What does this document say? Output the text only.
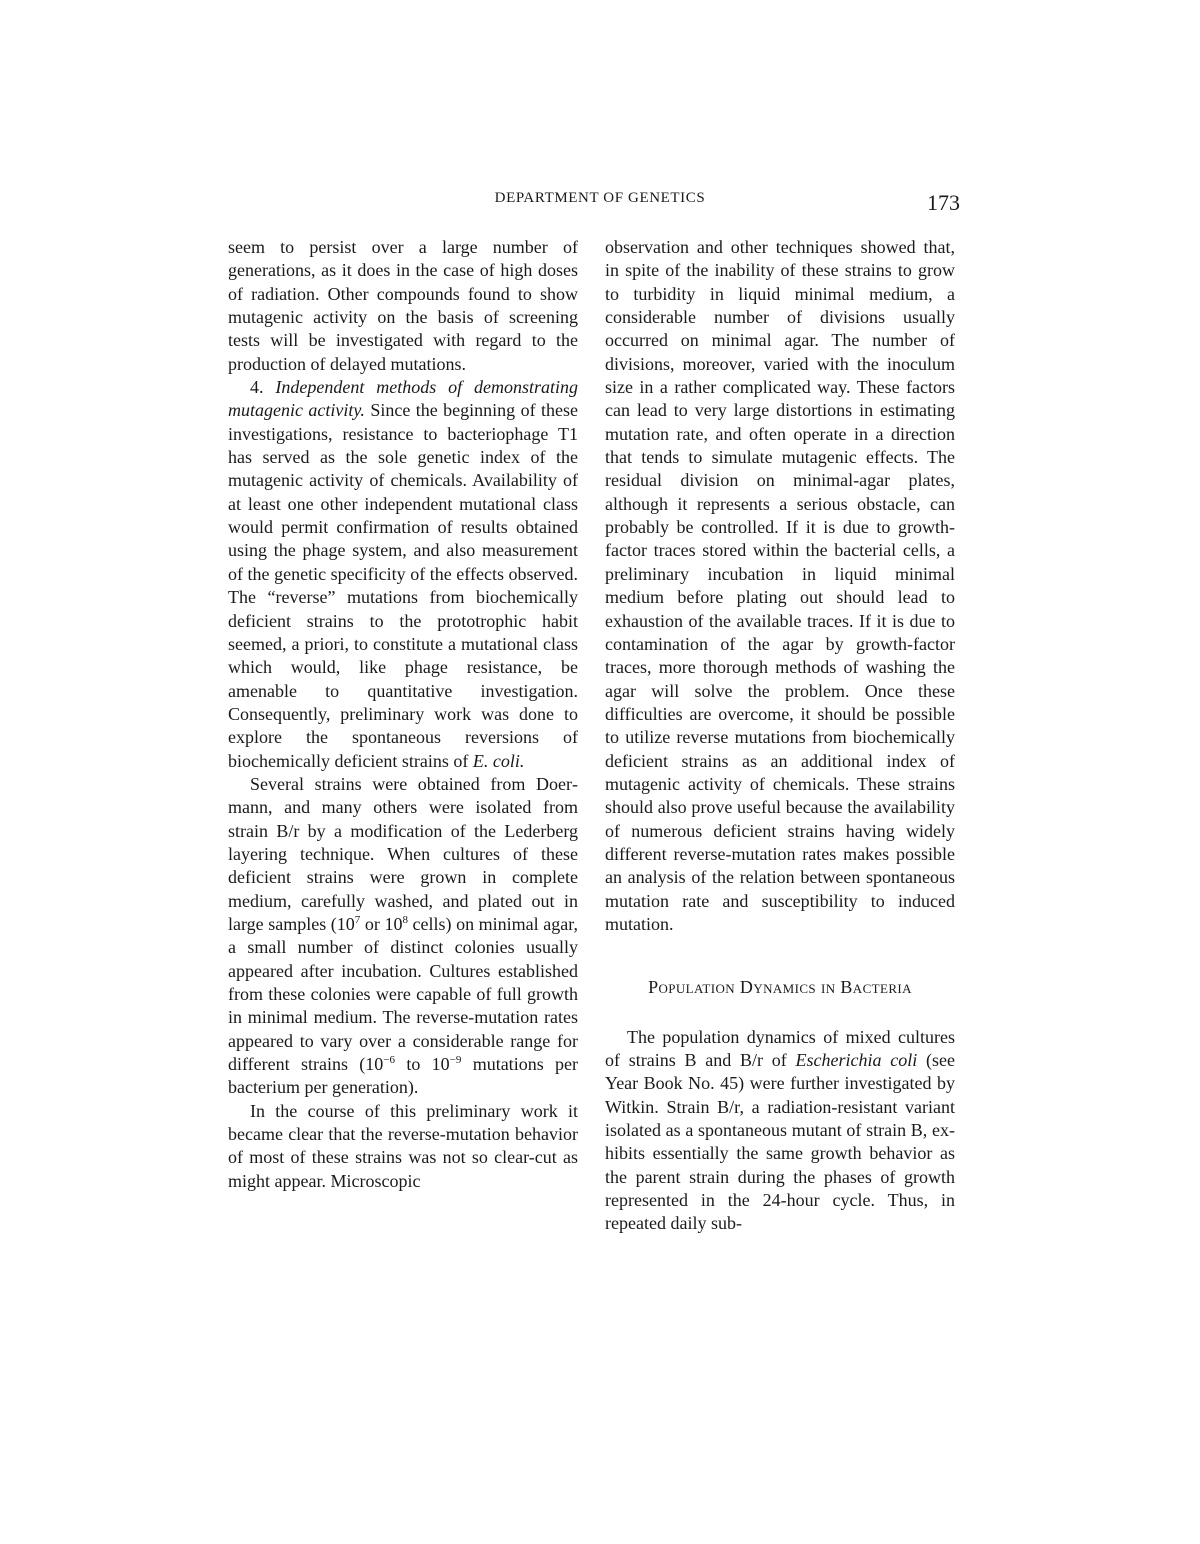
DEPARTMENT OF GENETICS	173

seem to persist over a large number of generations, as it does in the case of high doses of radiation. Other compounds found to show mutagenic activity on the basis of screening tests will be investigated with regard to the production of delayed mutations.

4. Independent methods of demonstrating mutagenic activity. Since the beginning of these investigations, resistance to bacteriophage T1 has served as the sole genetic index of the mutagenic activity of chemicals. Availability of at least one other independent mutational class would permit confirmation of results obtained using the phage system, and also measurement of the genetic specificity of the effects observed. The “reverse” mutations from biochemically deficient strains to the prototrophic habit seemed, a priori, to constitute a mutational class which would, like phage resistance, be amenable to quantitative investigation. Consequently, preliminary work was done to explore the spontaneous reversions of biochemically deficient strains of E. coli.

Several strains were obtained from Doermann, and many others were isolated from strain B/r by a modification of the Lederberg layering technique. When cultures of these deficient strains were grown in complete medium, carefully washed, and plated out in large samples ($10^7$ or $10^8$ cells) on minimal agar, a small number of distinct colonies usually appeared after incubation. Cultures established from these colonies were capable of full growth in minimal medium. The reverse-mutation rates appeared to vary over a considerable range for different strains ($10^{-6}$ to $10^{-9}$ mutations per bacterium per generation).

In the course of this preliminary work it became clear that the reverse-mutation behavior of most of these strains was not so clear-cut as might appear. Microscopic

observation and other techniques showed that, in spite of the inability of these strains to grow to turbidity in liquid minimal medium, a considerable number of divisions usually occurred on minimal agar. The number of divisions, moreover, varied with the inoculum size in a rather complicated way. These factors can lead to very large distortions in estimating mutation rate, and often operate in a direction that tends to simulate mutagenic effects. The residual division on minimal-agar plates, although it represents a serious obstacle, can probably be controlled. If it is due to growth-factor traces stored within the bacterial cells, a preliminary incubation in liquid minimal medium before plating out should lead to exhaustion of the available traces. If it is due to contamination of the agar by growth-factor traces, more thorough methods of washing the agar will solve the problem. Once these difficulties are overcome, it should be possible to utilize reverse mutations from biochemically deficient strains as an additional index of mutagenic activity of chemicals. These strains should also prove useful because the availability of numerous deficient strains having widely different reverse-mutation rates makes possible an analysis of the relation between spontaneous mutation rate and susceptibility to induced mutation.

Population Dynamics in Bacteria

The population dynamics of mixed cultures of strains B and B/r of Escherichia coli (see Year Book No. 45) were further investigated by Witkin. Strain B/r, a radiation-resistant variant isolated as a spontaneous mutant of strain B, exhibits essentially the same growth behavior as the parent strain during the phases of growth represented in the 24-hour cycle. Thus, in repeated daily sub-
